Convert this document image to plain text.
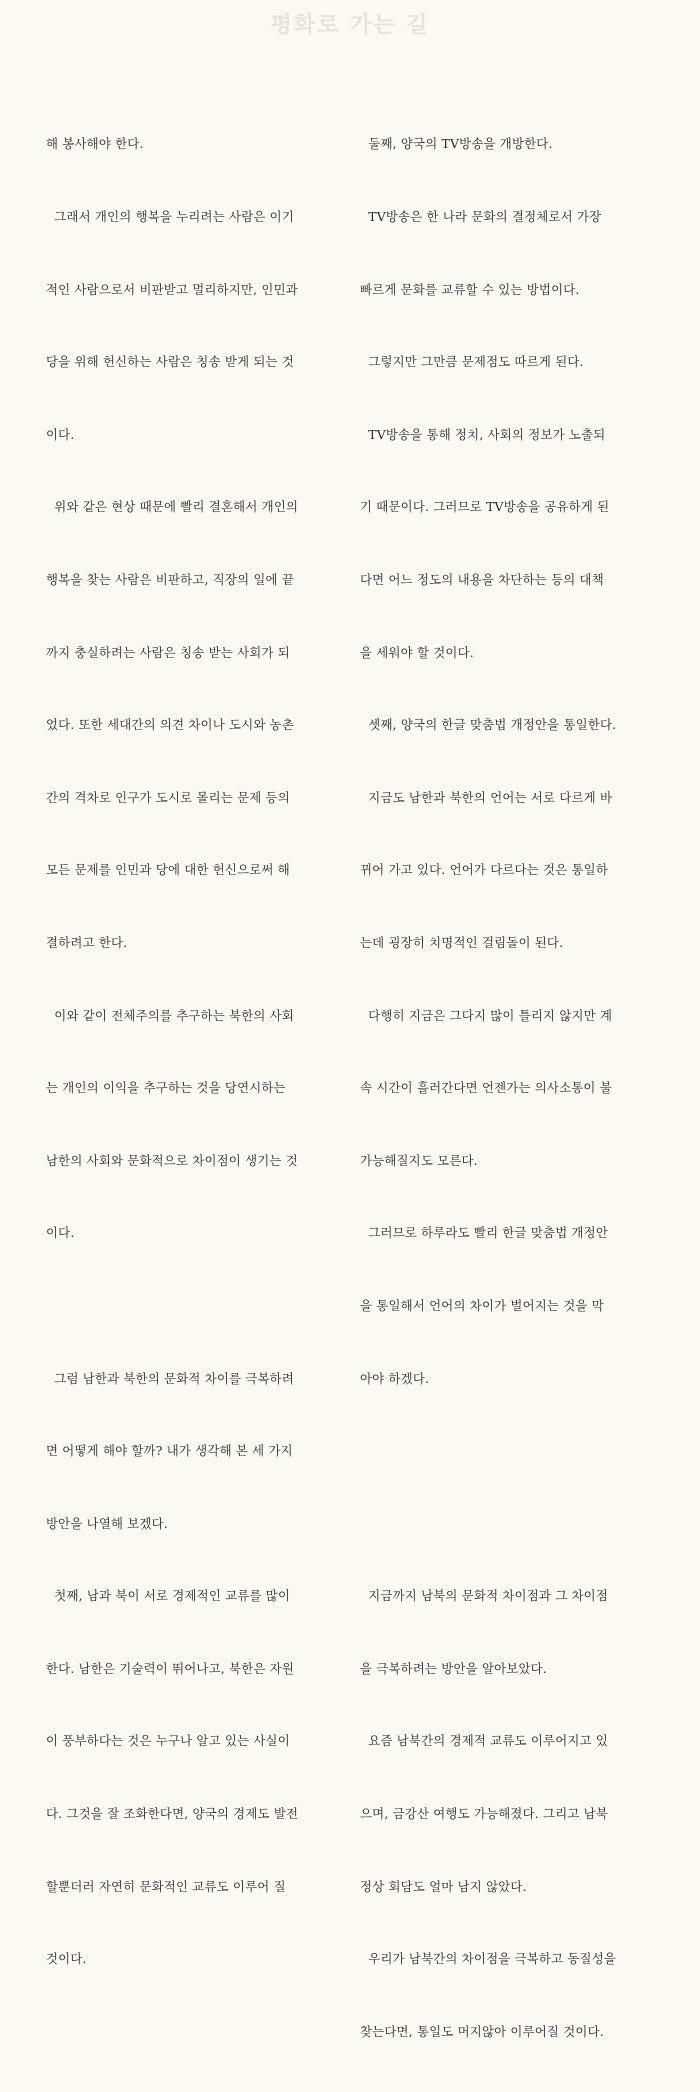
평화로 가는 길

해 봉사해야 한다.

그래서 개인의 행복을 누리려는 사람은 이기

적인 사람으로서 비판받고 멀리하지만, 인민과

당을 위해 헌신하는 사람은 칭송 받게 되는 것

이다.

위와 같은 현상 때문에 빨리 결혼해서 개인의

행복을 찾는 사람은 비판하고, 직장의 일에 끝

까지 충실하려는 사람은 칭송 받는 사회가 되

었다. 또한 세대간의 의견 차이나 도시와 농촌

간의 격차로 인구가 도시로 몰리는 문제 등의

모든 문제를 인민과 당에 대한 헌신으로써 해

결하려고 한다.

이와 같이 전체주의를 추구하는 북한의 사회

는 개인의 이익을 추구하는 것을 당연시하는

남한의 사회와 문화적으로 차이점이 생기는 것

이다.

그럼 남한과 북한의 문화적 차이를 극복하려

면 어떻게 해야 할까? 내가 생각해 본 세 가지

방안을 나열해 보겠다.

첫째, 남과 북이 서로 경제적인 교류를 많이

한다. 남한은 기술력이 뛰어나고, 북한은 자원

이 풍부하다는 것은 누구나 알고 있는 사실이

다. 그것을 잘 조화한다면, 양국의 경제도 발전

할뿐더러 자연히 문화적인 교류도 이루어 질

것이다.

둘째, 양국의 TV방송을 개방한다.

TV방송은 한 나라 문화의 결정체로서 가장

빠르게 문화를 교류할 수 있는 방법이다.

그렇지만 그만큼 문제점도 따르게 된다.

TV방송을 통해 정치, 사회의 정보가 노출되

기 때문이다. 그러므로 TV방송을 공유하게 된

다면 어느 정도의 내용을 차단하는 등의 대책

을 세워야 할 것이다.

셋째, 양국의 한글 맞춤법 개정안을 통일한다.

지금도 남한과 북한의 언어는 서로 다르게 바

뀌어 가고 있다. 언어가 다르다는 것은 통일하

는데 굉장히 치명적인 걸림돌이 된다.

다행히 지금은 그다지 많이 틀리지 않지만 계

속 시간이 흘러간다면 언젠가는 의사소통이 불

가능해질지도 모른다.

그러므로 하루라도 빨리 한글 맞춤법 개정안

을 통일해서 언어의 차이가 벌어지는 것을 막

아야 하겠다.

지금까지 남북의 문화적 차이점과 그 차이점

을 극복하려는 방안을 알아보았다.

요즘 남북간의 경제적 교류도 이루어지고 있

으며, 금강산 여행도 가능해졌다. 그리고 남북

정상 회담도 얼마 남지 않았다.

우리가 남북간의 차이점을 극복하고 동질성을

찾는다면, 통일도 머지않아 이루어질 것이다.
